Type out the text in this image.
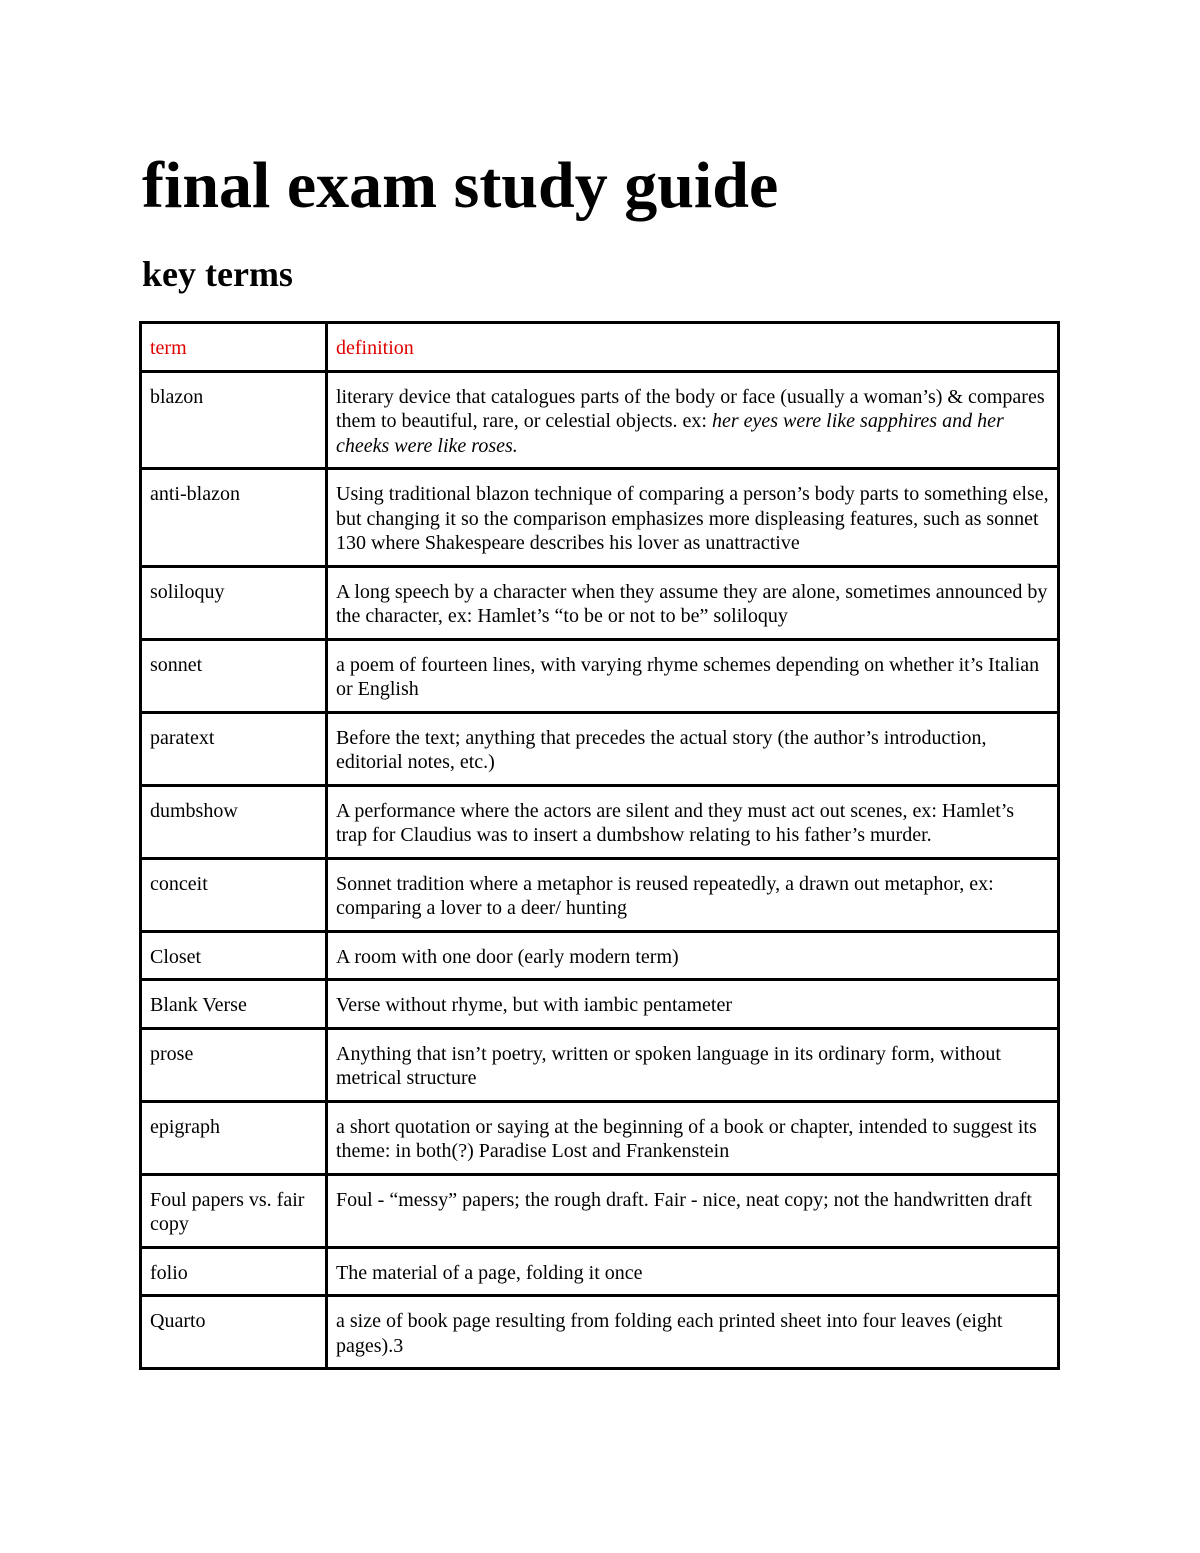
final exam study guide
key terms
term	definition
blazon	literary device that catalogues parts of the body or face (usually a woman’s) & compares them to beautiful, rare, or celestial objects. ex: her eyes were like sapphires and her cheeks were like roses.
anti-blazon	Using traditional blazon technique of comparing a person’s body parts to something else, but changing it so the comparison emphasizes more displeasing features, such as sonnet 130 where Shakespeare describes his lover as unattractive
soliloquy	A long speech by a character when they assume they are alone, sometimes announced by the character, ex: Hamlet’s “to be or not to be” soliloquy
sonnet	a poem of fourteen lines, with varying rhyme schemes depending on whether it’s Italian or English
paratext	Before the text; anything that precedes the actual story (the author’s introduction, editorial notes, etc.)
dumbshow	A performance where the actors are silent and they must act out scenes, ex: Hamlet’s trap for Claudius was to insert a dumbshow relating to his father’s murder.
conceit	Sonnet tradition where a metaphor is reused repeatedly, a drawn out metaphor, ex: comparing a lover to a deer/ hunting
Closet	A room with one door (early modern term)
Blank Verse	Verse without rhyme, but with iambic pentameter
prose	Anything that isn’t poetry, written or spoken language in its ordinary form, without metrical structure
epigraph	a short quotation or saying at the beginning of a book or chapter, intended to suggest its theme: in both(?) Paradise Lost and Frankenstein
Foul papers vs. fair copy	Foul - “messy” papers; the rough draft. Fair - nice, neat copy; not the handwritten draft
folio	The material of a page, folding it once
Quarto	a size of book page resulting from folding each printed sheet into four leaves (eight pages).3
